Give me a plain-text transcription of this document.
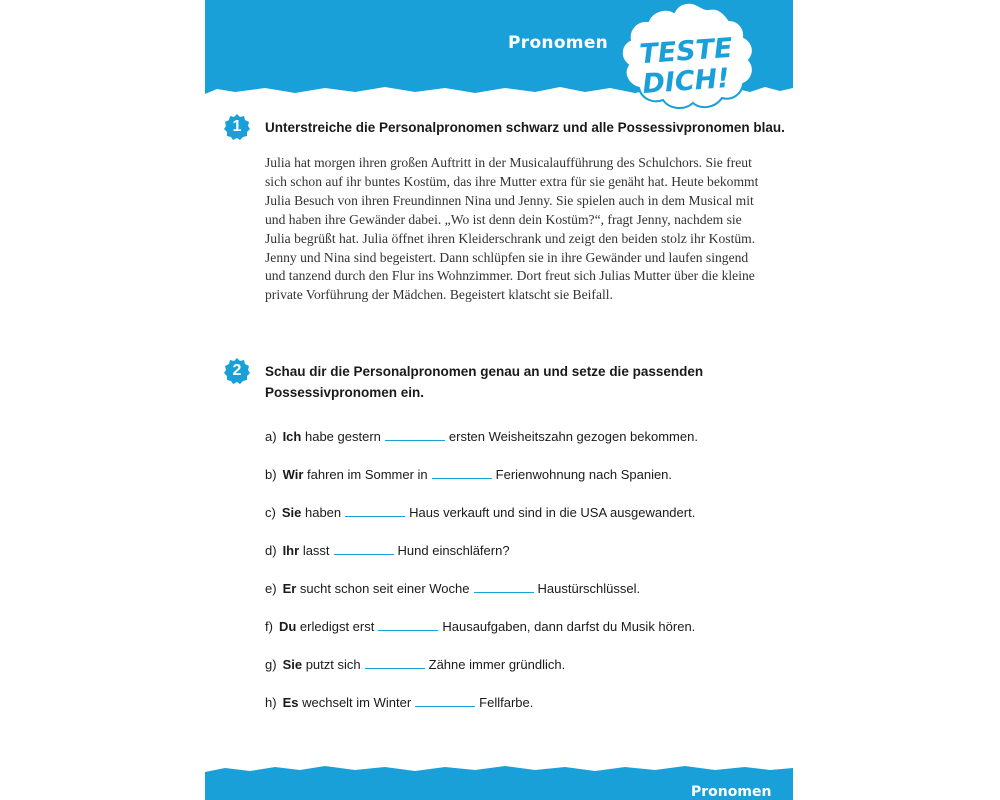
Pronomen	TESTE
DICH!
1	Unterstreiche die Personalpronomen schwarz und alle Possessivpronomen blau.

Julia hat morgen ihren großen Auftritt in der Musicalaufführung des Schulchors. Sie freut sich schon auf ihr buntes Kostüm, das ihre Mutter extra für sie genäht hat. Heute bekommt Julia Besuch von ihren Freundinnen Nina und Jenny. Sie spielen auch in dem Musical mit und haben ihre Gewänder dabei. „Wo ist denn dein Kostüm?“, fragt Jenny, nachdem sie Julia begrüßt hat. Julia öffnet ihren Kleiderschrank und zeigt den beiden stolz ihr Kostüm. Jenny und Nina sind begeistert. Dann schlüpfen sie in ihre Gewänder und laufen singend und tanzend durch den Flur ins Wohnzimmer. Dort freut sich Julias Mutter über die kleine private Vorführung der Mädchen. Begeistert klatscht sie Beifall.

2	Schau dir die Personalpronomen genau an und setze die passenden
Possessivpronomen ein.
a) Ich habe gestern	ersten Weisheitszahn gezogen bekommen.
b) Wir fahren im Sommer in	Ferienwohnung nach Spanien.
c) Sie haben	Haus verkauft und sind in die USA ausgewandert.
d) Ihr lasst	Hund einschläfern?
e) Er sucht schon seit einer Woche	Haustürschlüssel.
f) Du erledigst erst	Hausaufgaben, dann darfst du Musik hören.
g) Sie putzt sich	Zähne immer gründlich.
h) Es wechselt im Winter	Fellfarbe.
Pronomen
